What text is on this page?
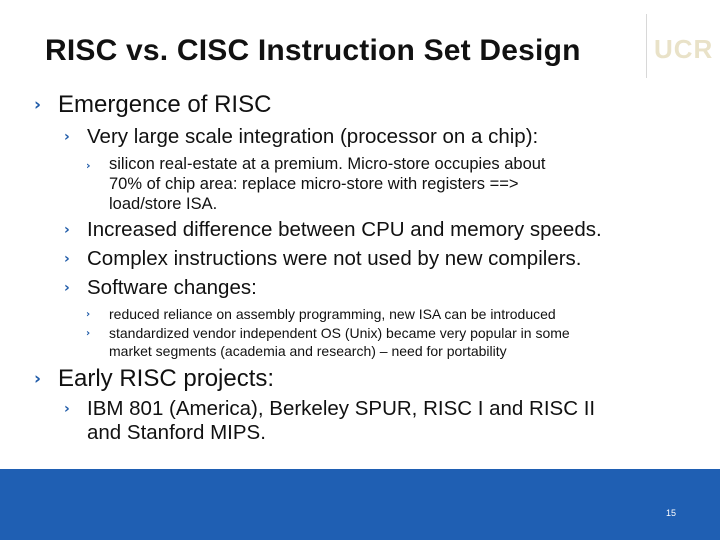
RISC vs. CISC Instruction Set Design	UCR
› Emergence of RISC
› Very large scale integration (processor on a chip):
› silicon real-estate at a premium. Micro-store occupies about
70% of chip area: replace micro-store with registers ==>
load/store ISA.
› Increased difference between CPU and memory speeds.
› Complex instructions were not used by new compilers.
› Software changes:
› reduced reliance on assembly programming, new ISA can be introduced
› standardized vendor independent OS (Unix) became very popular in some
market segments (academia and research) – need for portability
› Early RISC projects:
› IBM 801 (America), Berkeley SPUR, RISC I and RISC II
and Stanford MIPS.
15
